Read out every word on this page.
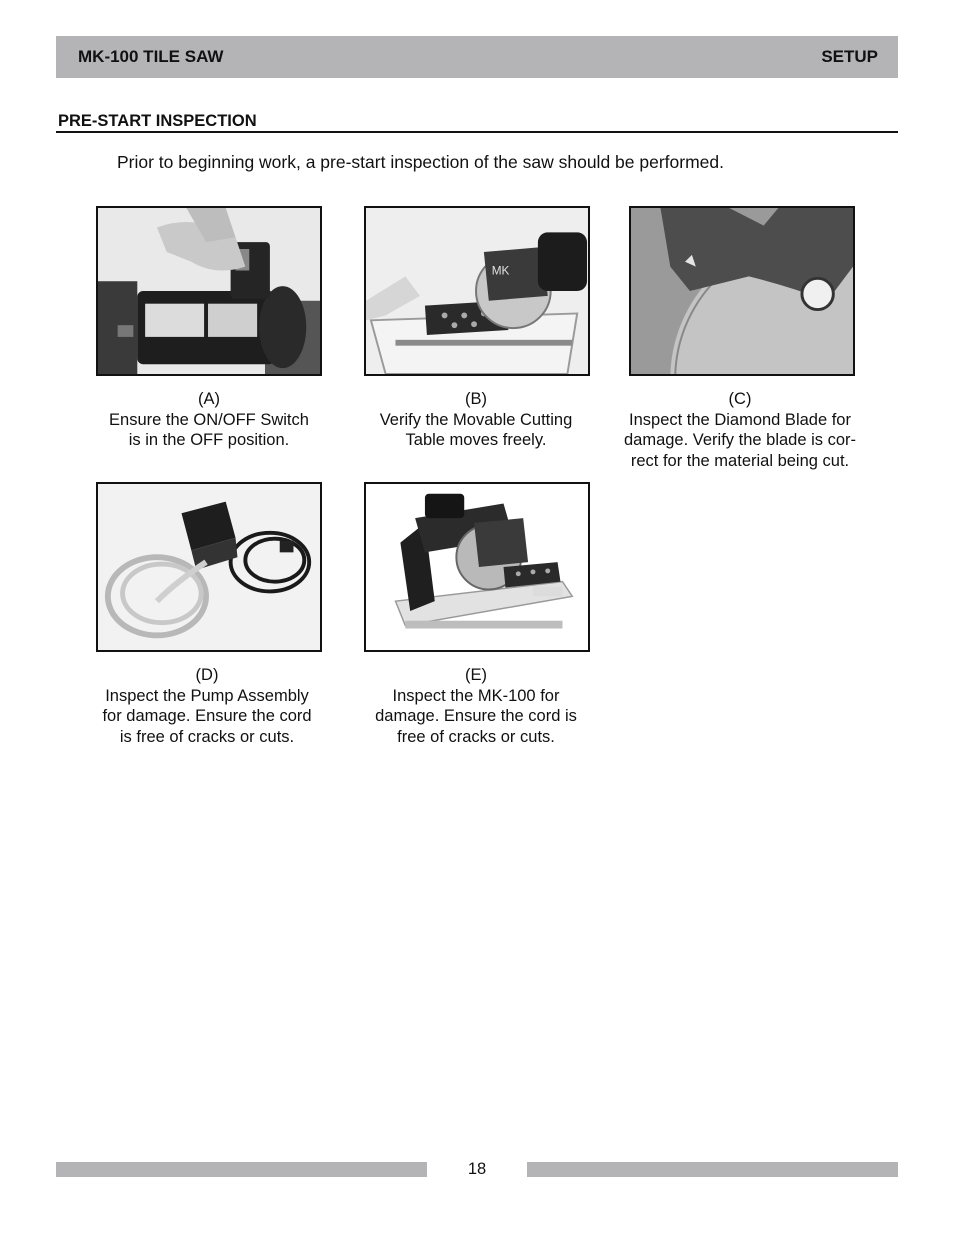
MK-100 TILE SAW	SETUP
PRE-START INSPECTION
Prior to beginning work, a pre-start inspection of the saw should be performed.
(A)
Ensure the ON/OFF Switch
is in the OFF position.
MK
(B)
Verify the Movable Cutting
Table moves freely.
(C)
Inspect the Diamond Blade for
damage. Verify the blade is cor-
rect for the material being cut.
(D)
Inspect the Pump Assembly
for damage. Ensure the cord
is free of cracks or cuts.
(E)
Inspect the MK-100 for
damage. Ensure the cord is
free of cracks or cuts.
18
